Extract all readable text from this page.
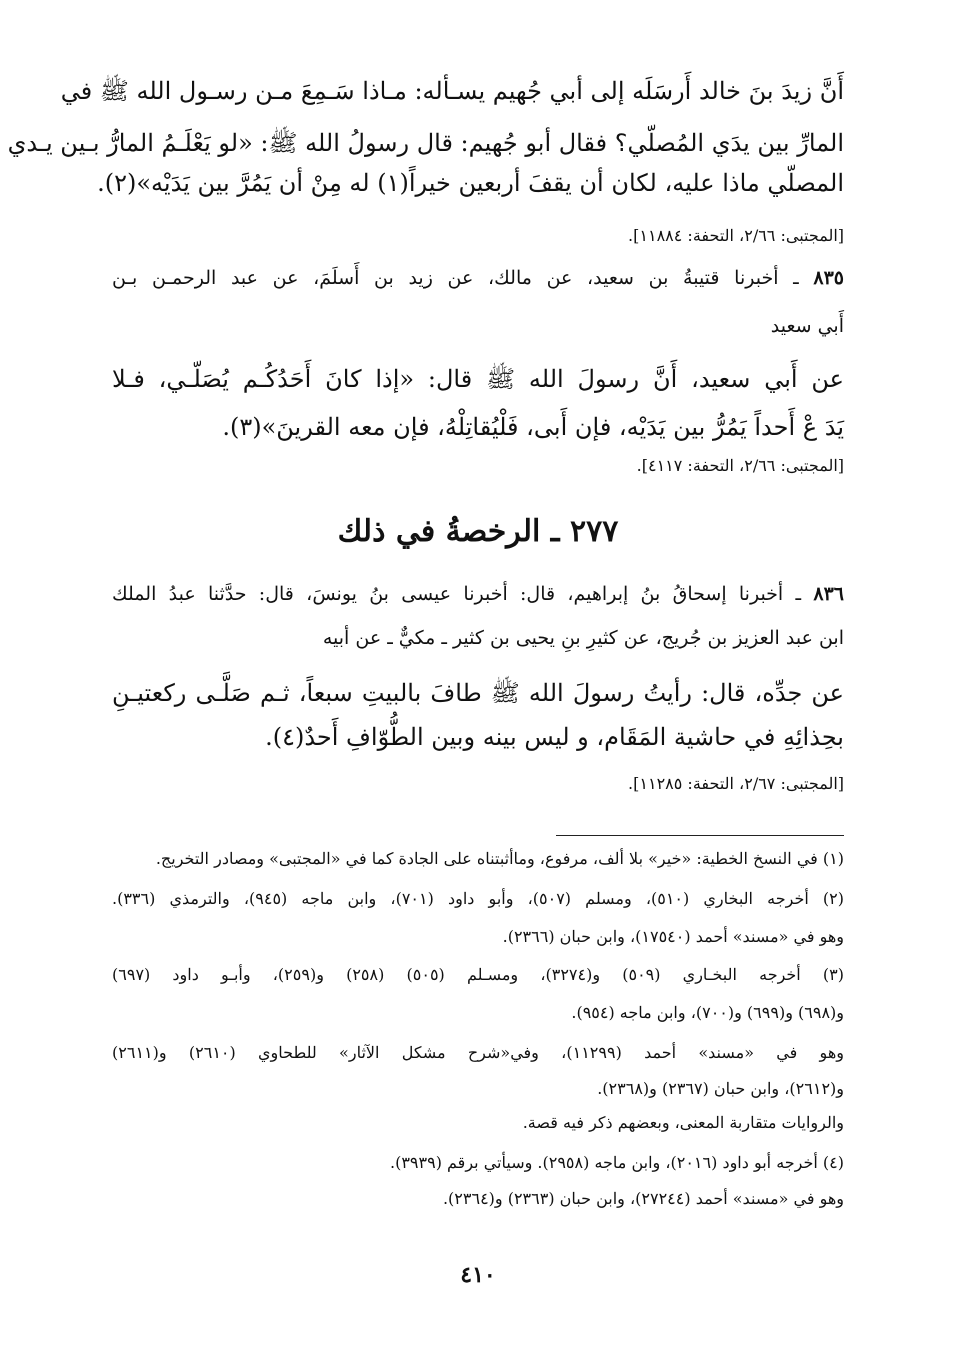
أَنَّ زيدَ بنَ خالد أَرسَلَه إلى أبي جُهيم يسـأله: مـاذا سَـمِعَ مـن رسـول الله ﷺ في
المارِّ بين يدَي المُصلّي؟ فقال أبو جُهيم: قال رسولُ الله ﷺ: «لو يَعْلَـمُ المارُّ بـين يـدي
المصلّي ماذا عليه، لكان أن يقفَ أربعين خيراً(١) له مِنْ أن يَمُرَّ بين يَدَيْه»(٢).
[المجتبى: ٢/٦٦، التحفة: ١١٨٨٤].
٨٣٥ ـ أخبرنا قتيبةُ بن سعيد، عن مالك، عن زيد بن أَسلَمَ، عن عبد الرحمـن بـن
أَبي سعيد
عن أَبي سعيد، أَنَّ رسولَ الله ﷺ قال: «إذا كانَ أَحَدُكُـم يُصَلّـي، فـلا
يَدَ عْ أَحداً يَمُرُّ بين يَدَيْه، فإن أَبى، فَلْيُقاتِلْهُ، فإن معه القرينَ»(٣).
[المجتبى: ٢/٦٦، التحفة: ٤١١٧].
٢٧٧ ـ الرخصةُ في ذلك
٨٣٦ ـ أخبرنا إسحاقُ بنُ إبراهيم، قال: أخبرنا عيسى بنُ يونسَ، قال: حدَّثنا عبدُ الملك
ابن عبد العزيز بن جُريج، عن كثيرِ بنِ يحيى بن كثير ـ مكيٌّ ـ عن أبيه
عن جدِّه، قال: رأيتُ رسولَ الله ﷺ طافَ بالبيتِ سبعاً، ثـم صَلَّـى ركعتيـنِ
بحِذائِهِ في حاشية المَقَام، و ليس بينه وبين الطُّوّافِ أَحدٌ(٤).
[المجتبى: ٢/٦٧، التحفة: ١١٢٨٥].
(١) في النسخ الخطية: «خير» بلا ألف، مرفوع، وماأثبتناه على الجادة كما في «المجتبى» ومصادر التخريج.
(٢) أخرجه البخاري (٥١٠)، ومسلم (٥٠٧)، وأبو داود (٧٠١)، وابن ماجه (٩٤٥)، والترمذي (٣٣٦).
وهو في «مسند» أحمد (١٧٥٤٠)، وابن حبان (٢٣٦٦).
(٣) أخرجه البخـاري (٥٠٩) و(٣٢٧٤)، ومسـلم (٥٠٥) (٢٥٨) و(٢٥٩)، وأبـو داود (٦٩٧)
و(٦٩٨) و(٦٩٩) و(٧٠٠)، وابن ماجه (٩٥٤).
وهو في «مسند» أحمد (١١٢٩٩)، وفي«شرح مشكل الآثار» للطحاوي (٢٦١٠) و(٢٦١١)
و(٢٦١٢)، وابن حبان (٢٣٦٧) و(٢٣٦٨).
والروايات متقاربة المعنى، وبعضهم ذكر فيه قصة.
(٤) أخرجه أبو داود (٢٠١٦)، وابن ماجه (٢٩٥٨). وسيأتي برقم (٣٩٣٩).
وهو في «مسند» أحمد (٢٧٢٤٤)، وابن حبان (٢٣٦٣) و(٢٣٦٤).
٤١٠
